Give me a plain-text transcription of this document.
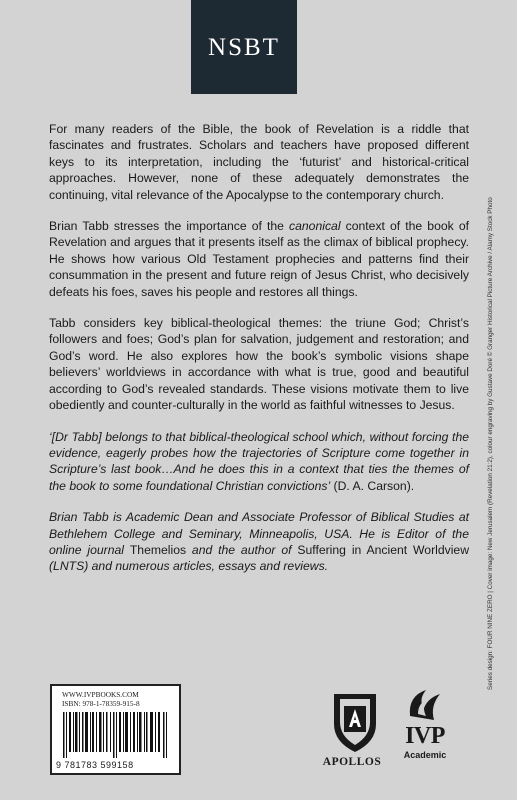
NSBT

For many readers of the Bible, the book of Revelation is a riddle that fascinates and frustrates. Scholars and teachers have proposed different keys to its interpretation, including the ‘futurist’ and historical-critical approaches. However, none of these adequately demonstrates the continuing, vital relevance of the Apocalypse to the contemporary church.

Brian Tabb stresses the importance of the canonical context of the book of Revelation and argues that it presents itself as the climax of biblical prophecy. He shows how various Old Testament prophecies and patterns find their consummation in the present and future reign of Jesus Christ, who decisively defeats his foes, saves his people and restores all things.

Tabb considers key biblical-theological themes: the triune God; Christ’s followers and foes; God’s plan for salvation, judgement and restoration; and God’s word. He also explores how the book’s symbolic visions shape believers’ worldviews in accordance with what is true, good and beautiful according to God’s revealed standards. These visions motivate them to live obediently and counter-culturally in the world as faithful witnesses to Jesus.

‘[Dr Tabb] belongs to that biblical-theological school which, without forcing the evidence, eagerly probes how the trajectories of Scripture come together in Scripture’s last book…And he does this in a context that ties the themes of the book to some foundational Christian convictions’ (D. A. Carson).

Brian Tabb is Academic Dean and Associate Professor of Biblical Studies at Bethlehem College and Seminary, Minneapolis, USA. He is Editor of the online journal Themelios and the author of Suffering in Ancient Worldview (LNTS) and numerous articles, essays and reviews.	Series design: FOUR NINE ZERO | Cover image: New Jerusalem (Revelation 21:2), colour engraving by Gustave Doré © Granger Historical Picture Archive / Alamy Stock Photo
WWW.IVPBOOKS.COM
ISBN: 978-1-78359-915-8
9 781783 599158	APOLLOS
IVP
Academic
